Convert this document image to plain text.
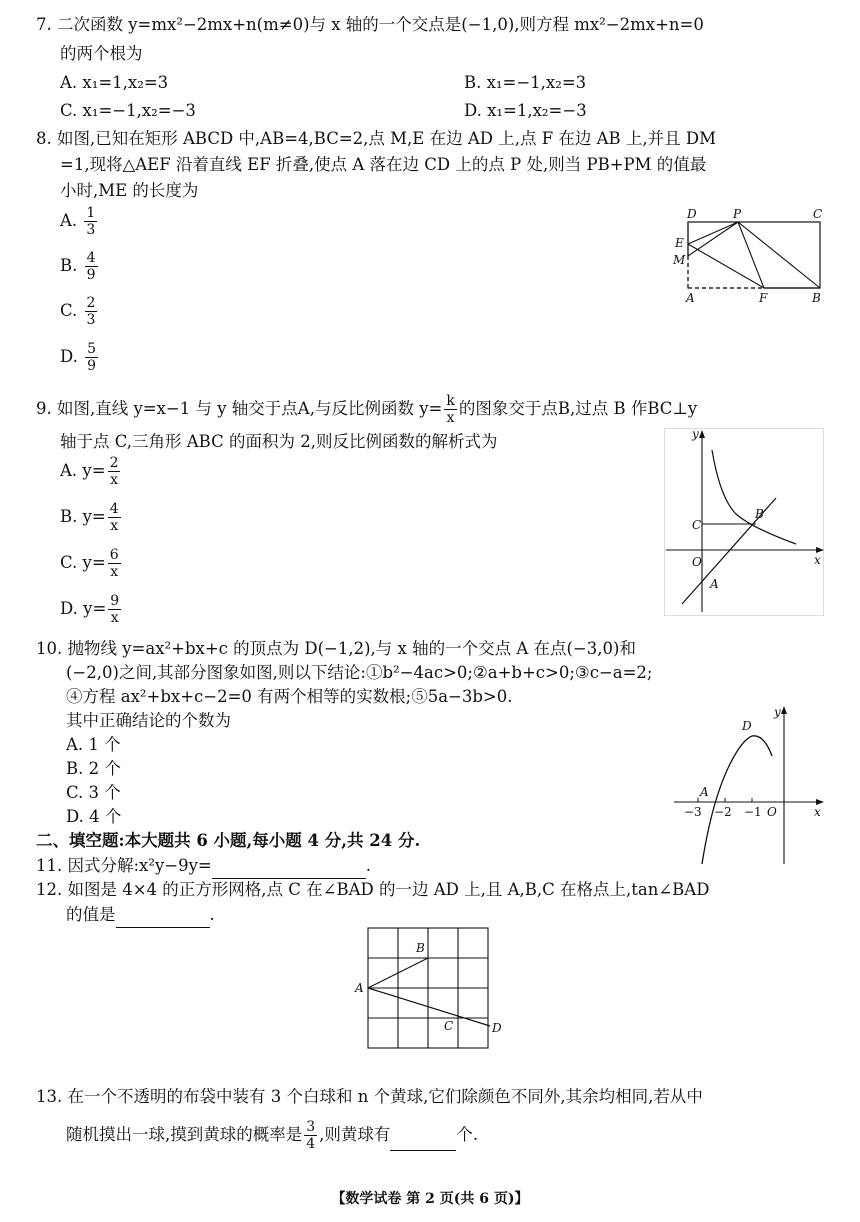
7. 二次函数 y=mx²−2mx+n(m≠0)与 x 轴的一个交点是(−1,0),则方程 mx²−2mx+n=0
的两个根为
A. x₁=1,x₂=3	B. x₁=−1,x₂=3
C. x₁=−1,x₂=−3	D. x₁=1,x₂=−3
8. 如图,已知在矩形 ABCD 中,AB=4,BC=2,点 M,E 在边 AD 上,点 F 在边 AB 上,并且 DM
=1,现将△AEF 沿着直线 EF 折叠,使点 A 落在边 CD 上的点 P 处,则当 PB+PM 的值最
小时,ME 的长度为
A. $\frac{1}{3}$
B. $\frac{4}{9}$
C. $\frac{2}{3}$
D. $\frac{5}{9}$
D	P	C
E
M
A	F	B
9. 如图,直线 y=x−1 与 y 轴交于点A,与反比例函数 $y= \frac{k}{x}$ 的图象交于点B,过点 B 作BC⊥y
轴于点 C,三角形 ABC 的面积为 2,则反比例函数的解析式为
A. $y= \frac{2}{x}$
B. $y= \frac{4}{x}$
C. $y= \frac{6}{x}$
D. $y= \frac{9}{x}$
y
x
B
C
O
A
10. 抛物线 y=ax²+bx+c 的顶点为 D(−1,2),与 x 轴的一个交点 A 在点(−3,0)和
(−2,0)之间,其部分图象如图,则以下结论:①b²−4ac>0;②a+b+c>0;③c−a=2;
④方程 ax²+bx+c−2=0 有两个相等的实数根;⑤5a−3b>0.
其中正确结论的个数为
A. 1 个
B. 2 个
C. 3 个
D. 4 个
y
x
D
A
−3 −2 −1 O
二、填空题:本大题共 6 小题,每小题 4 分,共 24 分.
11. 因式分解:x²y−9y=	.
12. 如图是 4×4 的正方形网格,点 C 在∠BAD 的一边 AD 上,且 A,B,C 在格点上,tan∠BAD
的值是	.
A
B
C	D
13. 在一个不透明的布袋中装有 3 个白球和 n 个黄球,它们除颜色不同外,其余均相同,若从中
随机摸出一球,摸到黄球的概率是 $\frac{3}{4}$ ,则黄球有	个.
【数学试卷 第 2 页(共 6 页)】
